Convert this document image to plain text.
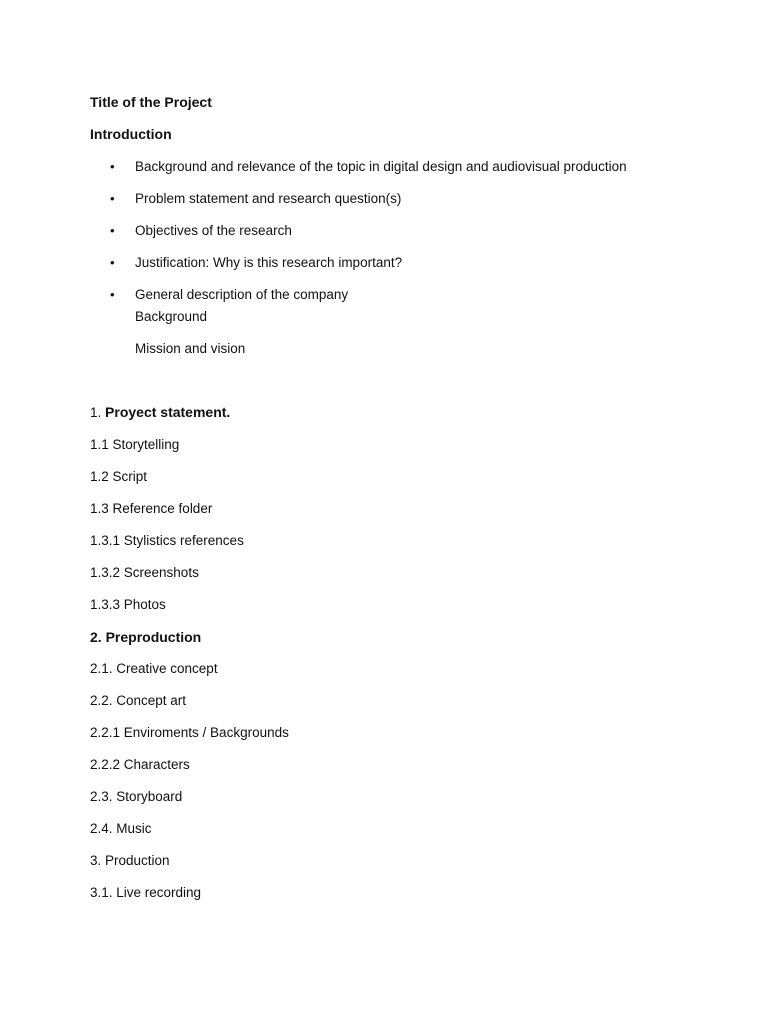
Title of the Project
Introduction
•	Background and relevance of the topic in digital design and audiovisual production
•	Problem statement and research question(s)
•	Objectives of the research
•	Justification: Why is this research important?
•	General description of the company
Background
Mission and vision
1. Proyect statement.
1.1 Storytelling
1.2 Script
1.3 Reference folder
1.3.1 Stylistics references
1.3.2 Screenshots
1.3.3 Photos
2. Preproduction
2.1. Creative concept
2.2. Concept art
2.2.1 Enviroments / Backgrounds
2.2.2 Characters
2.3. Storyboard
2.4. Music
3. Production
3.1. Live recording
